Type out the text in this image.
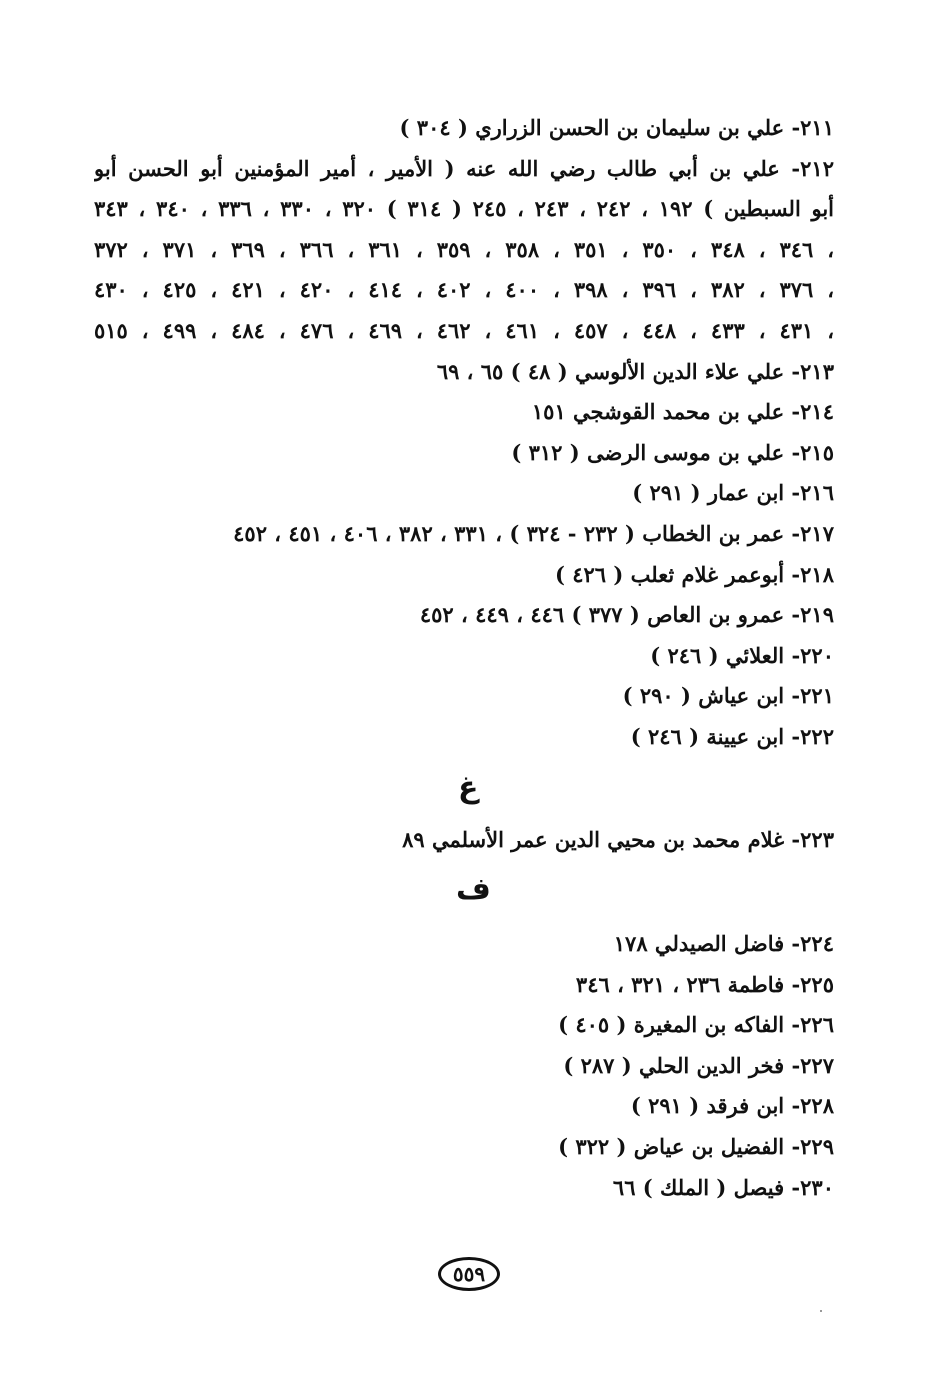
٢١١- علي بن سليمان بن الحسن الزراري ( ٣٠٤ )
٢١٢- علي بن أبي طالب رضي الله عنه ( الأمير ، أمير المؤمنين أبو الحسن أبو
أبو السبطين ) ١٩٢ ، ٢٤٢ ، ٢٤٣ ، ٢٤٥ ( ٣١٤ ) ٣٢٠ ، ٣٣٠ ، ٣٣٦ ، ٣٤٠ ، ٣٤٣
، ٣٤٦ ، ٣٤٨ ، ٣٥٠ ، ٣٥١ ، ٣٥٨ ، ٣٥٩ ، ٣٦١ ، ٣٦٦ ، ٣٦٩ ، ٣٧١ ، ٣٧٢
، ٣٧٦ ، ٣٨٢ ، ٣٩٦ ، ٣٩٨ ، ٤٠٠ ، ٤٠٢ ، ٤١٤ ، ٤٢٠ ، ٤٢١ ، ٤٢٥ ، ٤٣٠
، ٤٣١ ، ٤٣٣ ، ٤٤٨ ، ٤٥٧ ، ٤٦١ ، ٤٦٢ ، ٤٦٩ ، ٤٧٦ ، ٤٨٤ ، ٤٩٩ ، ٥١٥
٢١٣- علي علاء الدين الألوسي ( ٤٨ ) ٦٥ ، ٦٩
٢١٤- علي بن محمد القوشجي ١٥١
٢١٥- علي بن موسى الرضى ( ٣١٢ )
٢١٦- ابن عمار ( ٢٩١ )
٢١٧- عمر بن الخطاب ( ٢٣٢ - ٣٢٤ ) ، ٣٣١ ، ٣٨٢ ، ٤٠٦ ، ٤٥١ ، ٤٥٢
٢١٨- أبوعمر غلام ثعلب ( ٤٢٦ )
٢١٩- عمرو بن العاص ( ٣٧٧ ) ٤٤٦ ، ٤٤٩ ، ٤٥٢
٢٢٠- العلائي ( ٢٤٦ )
٢٢١- ابن عياش ( ٢٩٠ )
٢٢٢- ابن عيينة ( ٢٤٦ )
غ
٢٢٣- غلام محمد بن محيي الدين عمر الأسلمي ٨٩
ف
٢٢٤- فاضل الصيدلي ١٧٨
٢٢٥- فاطمة ٢٣٦ ، ٣٢١ ، ٣٤٦
٢٢٦- الفاكه بن المغيرة ( ٤٠٥ )
٢٢٧- فخر الدين الحلي ( ٢٨٧ )
٢٢٨- ابن فرقد ( ٢٩١ )
٢٢٩- الفضيل بن عياض ( ٣٢٢ )
٢٣٠- فيصل ( الملك ) ٦٦
٥٥٩
